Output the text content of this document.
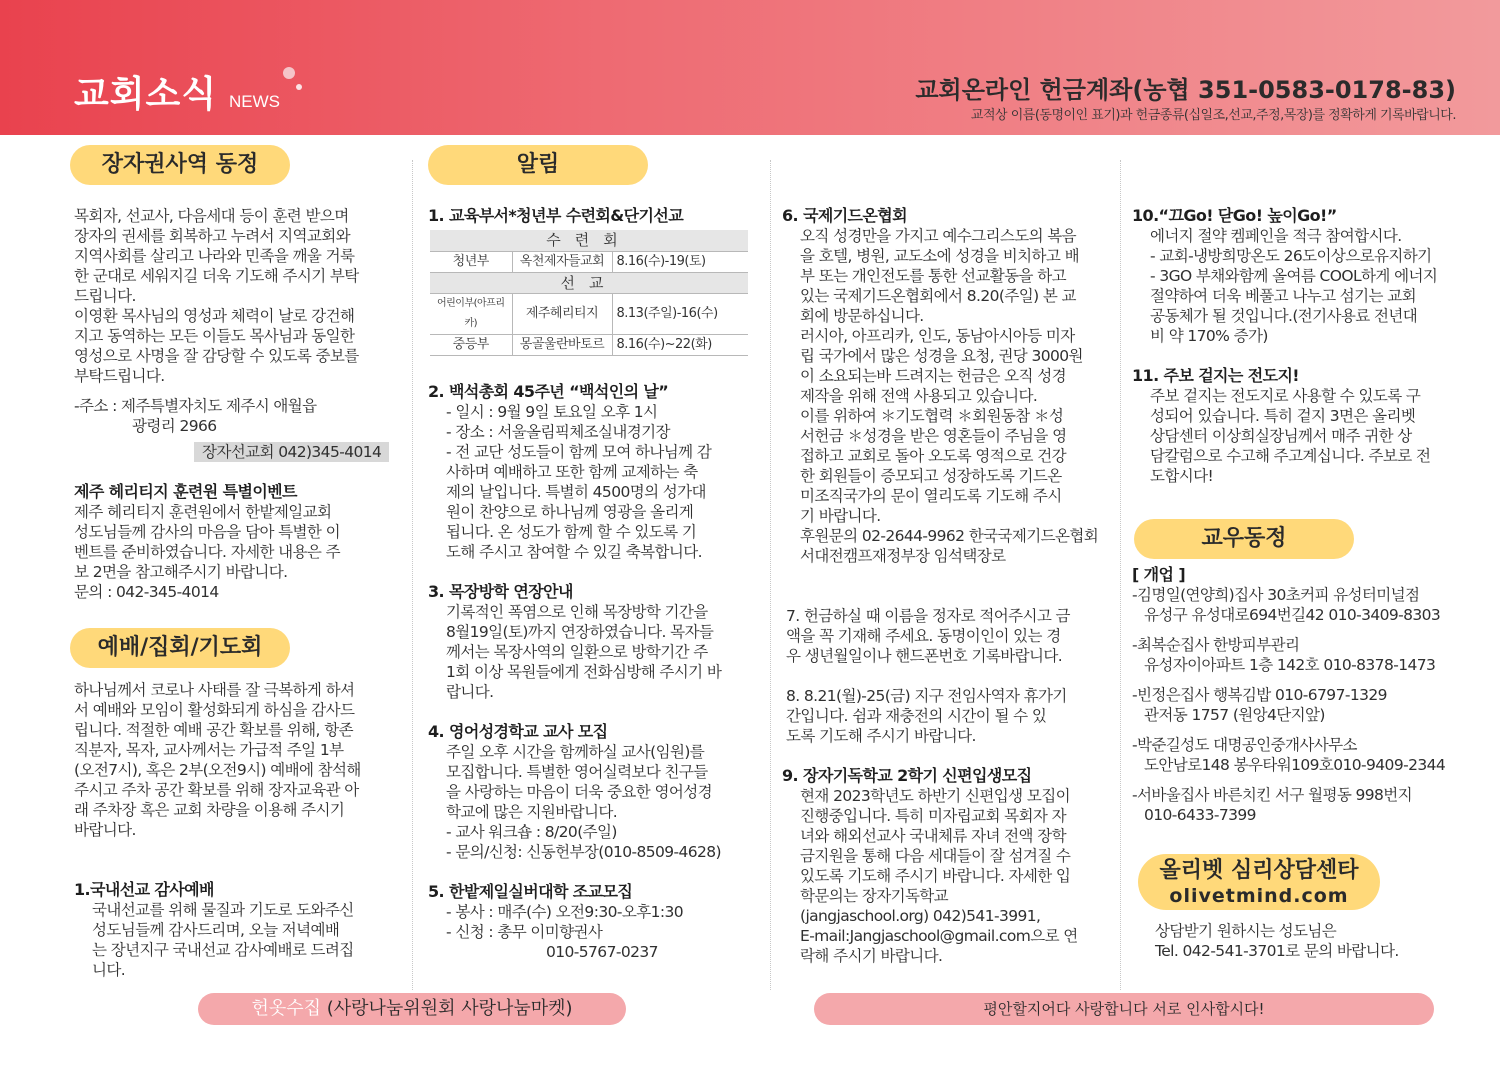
교회소식 NEWS	교회온라인 헌금계좌(농협 351-0583-0178-83)
교적상 이름(동명이인 표기)과 헌금종류(십일조,선교,주정,목장)를 정확하게 기록바랍니다.
장자권사역 동정

목회자, 선교사, 다음세대 등이 훈련 받으며

장자의 권세를 회복하고 누려서 지역교회와

지역사회를 살리고 나라와 민족을 깨울 거룩

한 군대로 세워지길 더욱 기도해 주시기 부탁

드립니다.

이영환 목사님의 영성과 체력이 날로 강건해

지고 동역하는 모든 이들도 목사님과 동일한

영성으로 사명을 잘 감당할 수 있도록 중보를

부탁드립니다.

-주소 : 제주특별자치도 제주시 애월읍

광령리 2966

장자선교회 042)345-4014

제주 헤리티지 훈련원 특별이벤트

제주 헤리티지 훈련원에서 한밭제일교회

성도님들께 감사의 마음을 담아 특별한 이

벤트를 준비하였습니다. 자세한 내용은 주

보 2면을 참고해주시기 바랍니다.

문의 : 042-345-4014

예배/집회/기도회

하나님께서 코로나 사태를 잘 극복하게 하셔

서 예배와 모임이 활성화되게 하심을 감사드

립니다. 적절한 예배 공간 확보를 위해, 항존

직분자, 목자, 교사께서는 가급적 주일 1부

(오전7시), 혹은 2부(오전9시) 예배에 참석해

주시고 주차 공간 확보를 위해 장자교육관 아

래 주차장 혹은 교회 차량을 이용해 주시기

바랍니다.

1.국내선교 감사예배

국내선교를 위해 물질과 기도로 도와주신

성도님들께 감사드리며, 오늘 저녁예배

는 장년지구 국내선교 감사예배로 드려집

니다.

알림

1. 교육부서*청년부 수련회&단기선교

수련회		
청년부	옥천제자들교회	8.16(수)-19(토)
선교		
어린이부(아프리카)	제주헤리티지	8.13(주일)-16(수)
중등부	몽골울란바토르	8.16(수)~22(화)

2. 백석총회 45주년 “백석인의 날”

- 일시 : 9월 9일 토요일 오후 1시

- 장소 : 서울올림픽체조실내경기장

- 전 교단 성도들이 함께 모여 하나님께 감

사하며 예배하고 또한 함께 교제하는 축

제의 날입니다. 특별히 4500명의 성가대

원이 찬양으로 하나님께 영광을 올리게

됩니다. 온 성도가 함께 할 수 있도록 기

도해 주시고 참여할 수 있길 축복합니다.

3. 목장방학 연장안내

기록적인 폭염으로 인해 목장방학 기간을

8월19일(토)까지 연장하였습니다. 목자들

께서는 목장사역의 일환으로 방학기간 주

1회 이상 목원들에게 전화심방해 주시기 바

랍니다.

4. 영어성경학교 교사 모집

주일 오후 시간을 함께하실 교사(임원)를

모집합니다. 특별한 영어실력보다 친구들

을 사랑하는 마음이 더욱 중요한 영어성경

학교에 많은 지원바랍니다.

- 교사 워크숍 : 8/20(주일)

- 문의/신청: 신동헌부장(010-8509-4628)

5. 한밭제일실버대학 조교모집

- 봉사 : 매주(수) 오전9:30-오후1:30

- 신청 : 총무 이미향권사

010-5767-0237

6. 국제기드온협회

오직 성경만을 가지고 예수그리스도의 복음

을 호텔, 병원, 교도소에 성경을 비치하고 배

부 또는 개인전도를 통한 선교활동을 하고

있는 국제기드온협회에서 8.20(주일) 본 교

회에 방문하십니다.

러시아, 아프리카, 인도, 동남아시아등 미자

립 국가에서 많은 성경을 요청, 권당 3000원

이 소요되는바 드려지는 헌금은 오직 성경

제작을 위해 전액 사용되고 있습니다.

이를 위하여 ＊기도협력 ＊회원동참 ＊성

서헌금 ＊성경을 받은 영혼들이 주님을 영

접하고 교회로 돌아 오도록 영적으로 건강

한 회원들이 증모되고 성장하도록 기드온

미조직국가의 문이 열리도록 기도해 주시

기 바랍니다.

후원문의 02-2644-9962 한국국제기드온협회

서대전캠프재정부장 임석택장로

7. 헌금하실 때 이름을 정자로 적어주시고 금

액을 꼭 기재해 주세요. 동명이인이 있는 경

우 생년월일이나 핸드폰번호 기록바랍니다.

8. 8.21(월)-25(금) 지구 전임사역자 휴가기

간입니다. 쉼과 재충전의 시간이 될 수 있

도록 기도해 주시기 바랍니다.

9. 장자기독학교 2학기 신편입생모집

현재 2023학년도 하반기 신편입생 모집이

진행중입니다. 특히 미자립교회 목회자 자

녀와 해외선교사 국내체류 자녀 전액 장학

금지원을 통해 다음 세대들이 잘 섬겨질 수

있도록 기도해 주시기 바랍니다. 자세한 입

학문의는 장자기독학교

(jangjaschool.org) 042)541-3991,

E-mail:Jangjaschool@gmail.com으로 연

락해 주시기 바랍니다.

10.“끄Go! 닫Go! 높이Go!”

에너지 절약 켐페인을 적극 참여합시다.

- 교회-냉방희망온도 26도이상으로유지하기

- 3GO 부채와함께 올여름 COOL하게 에너지

절약하여 더욱 베풀고 나누고 섬기는 교회

공동체가 될 것입니다.(전기사용료 전년대

비 약 170% 증가)

11. 주보 겉지는 전도지!

주보 겉지는 전도지로 사용할 수 있도록 구

성되어 있습니다. 특히 겉지 3면은 올리벳

상담센터 이상희실장님께서 매주 귀한 상

담칼럼으로 수고해 주고계십니다. 주보로 전

도합시다!

교우동정

[ 개업 ]

-김명일(연양희)집사 30초커피 유성터미널점

유성구 유성대로694번길42 010-3409-8303

-최복순집사 한방피부관리

유성자이아파트 1층 142호 010-8378-1473

-빈정은집사 행복김밥 010-6797-1329

관저동 1757 (원앙4단지앞)

-박준길성도 대명공인중개사사무소

도안남로148 봉우타워109호010-9409-2344

-서바울집사 바른치킨 서구 월평동 998번지

010-6433-7399

올리벳 심리상담센타
olivetmind.com

상담받기 원하시는 성도님은

Tel. 042-541-3701로 문의 바랍니다.

헌옷수집 (사랑나눔위원회 사랑나눔마켓)	평안할지어다 사랑합니다 서로 인사합시다!
